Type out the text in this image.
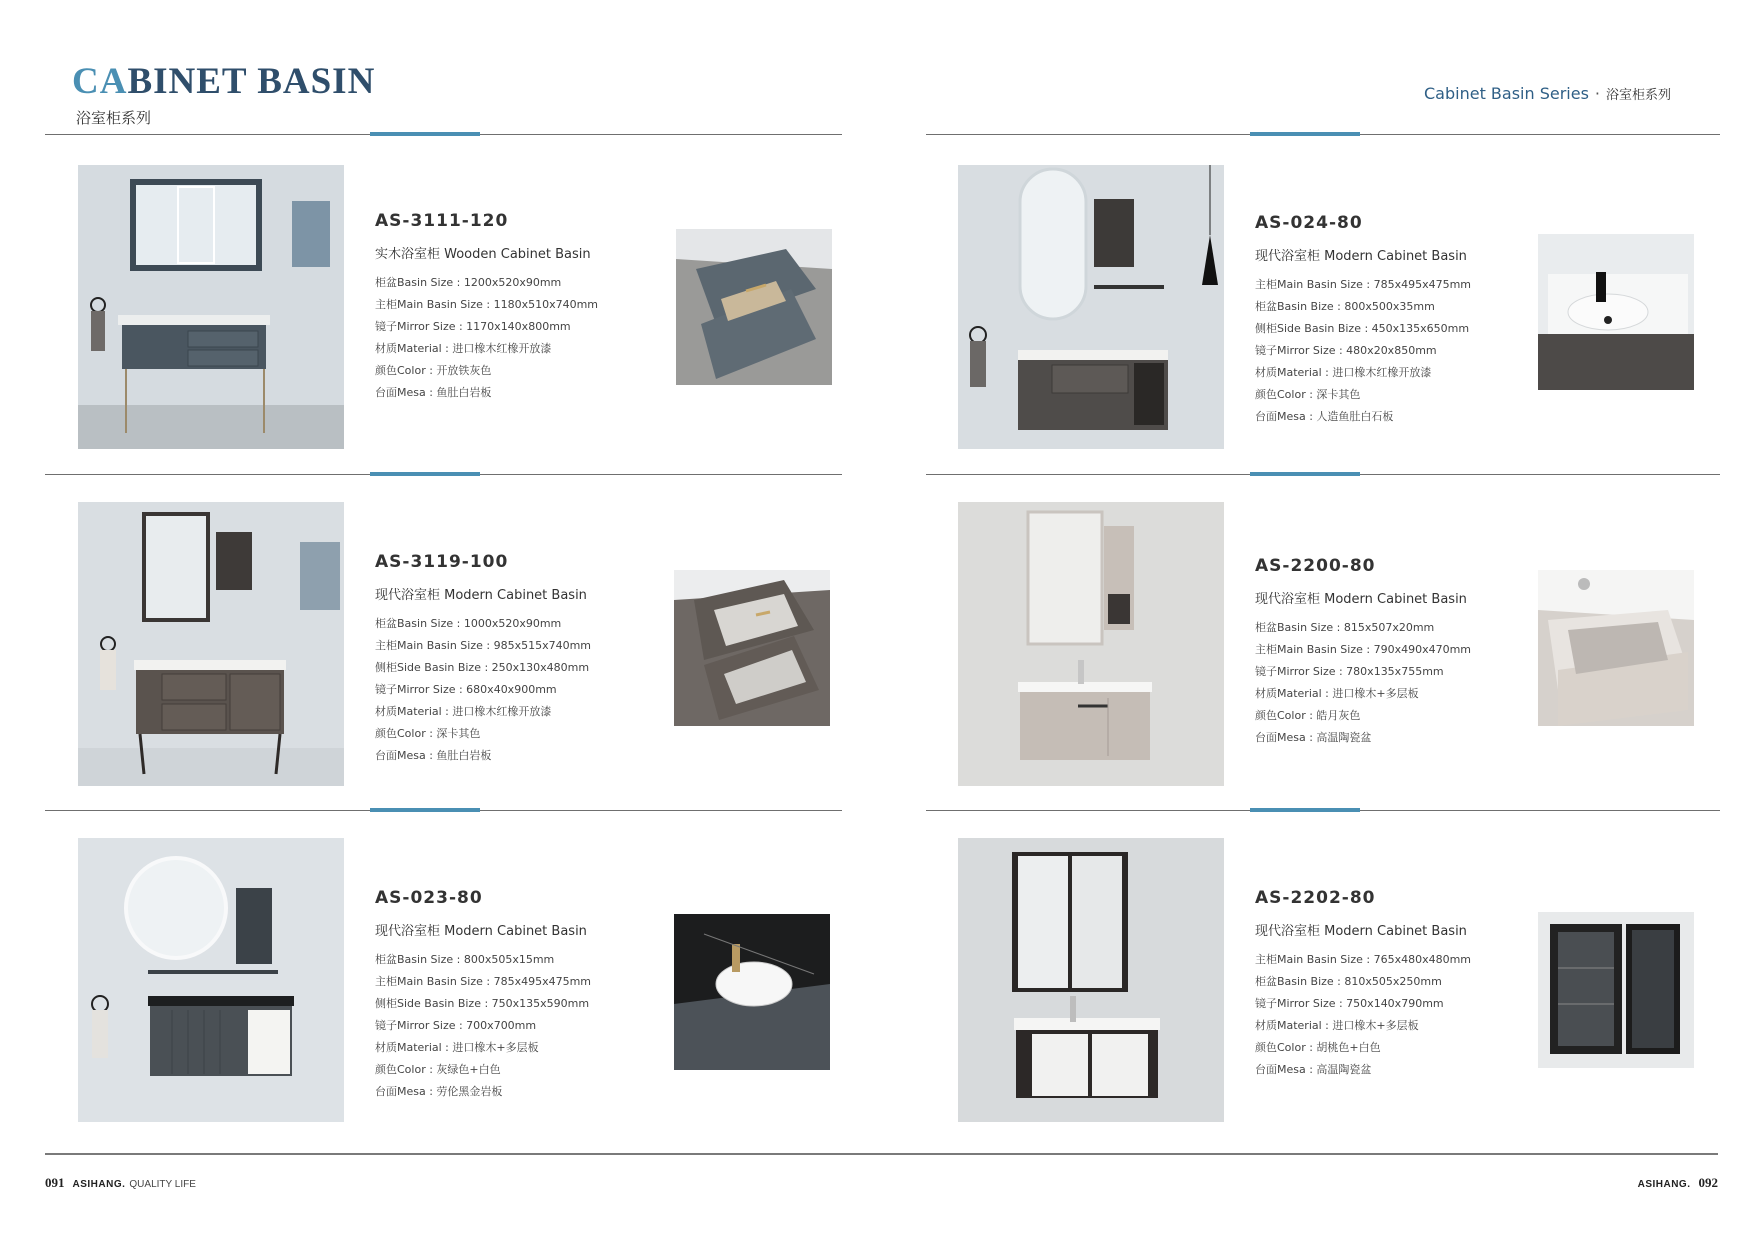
CABINET BASIN
浴室柜系列
Cabinet Basin Series · 浴室柜系列
AS-3111-120
实木浴室柜 Wooden Cabinet Basin
柜盆Basin Size : 1200x520x90mm
主柜Main Basin Size : 1180x510x740mm
镜子Mirror Size : 1170x140x800mm
材质Material : 进口橡木红橡开放漆
颜色Color : 开放铁灰色
台面Mesa : 鱼肚白岩板
AS-024-80
现代浴室柜 Modern Cabinet Basin
主柜Main Basin Size : 785x495x475mm
柜盆Basin Bize : 800x500x35mm
侧柜Side Basin Bize : 450x135x650mm
镜子Mirror Size : 480x20x850mm
材质Material : 进口橡木红橡开放漆
颜色Color : 深卡其色
台面Mesa : 人造鱼肚白石板
AS-3119-100
现代浴室柜 Modern Cabinet Basin
柜盆Basin Size : 1000x520x90mm
主柜Main Basin Size : 985x515x740mm
侧柜Side Basin Bize : 250x130x480mm
镜子Mirror Size : 680x40x900mm
材质Material : 进口橡木红橡开放漆
颜色Color : 深卡其色
台面Mesa : 鱼肚白岩板
AS-2200-80
现代浴室柜 Modern Cabinet Basin
柜盆Basin Size : 815x507x20mm
主柜Main Basin Size : 790x490x470mm
镜子Mirror Size : 780x135x755mm
材质Material : 进口橡木+多层板
颜色Color : 皓月灰色
台面Mesa : 高温陶瓷盆
AS-023-80
现代浴室柜 Modern Cabinet Basin
柜盆Basin Size : 800x505x15mm
主柜Main Basin Size : 785x495x475mm
侧柜Side Basin Bize : 750x135x590mm
镜子Mirror Size : 700x700mm
材质Material : 进口橡木+多层板
颜色Color : 灰绿色+白色
台面Mesa : 劳伦黑金岩板
AS-2202-80
现代浴室柜 Modern Cabinet Basin
主柜Main Basin Size : 765x480x480mm
柜盆Basin Bize : 810x505x250mm
镜子Mirror Size : 750x140x790mm
材质Material : 进口橡木+多层板
颜色Color : 胡桃色+白色
台面Mesa : 高温陶瓷盆
091 ASIHANG. QUALITY LIFE	ASIHANG. 092
